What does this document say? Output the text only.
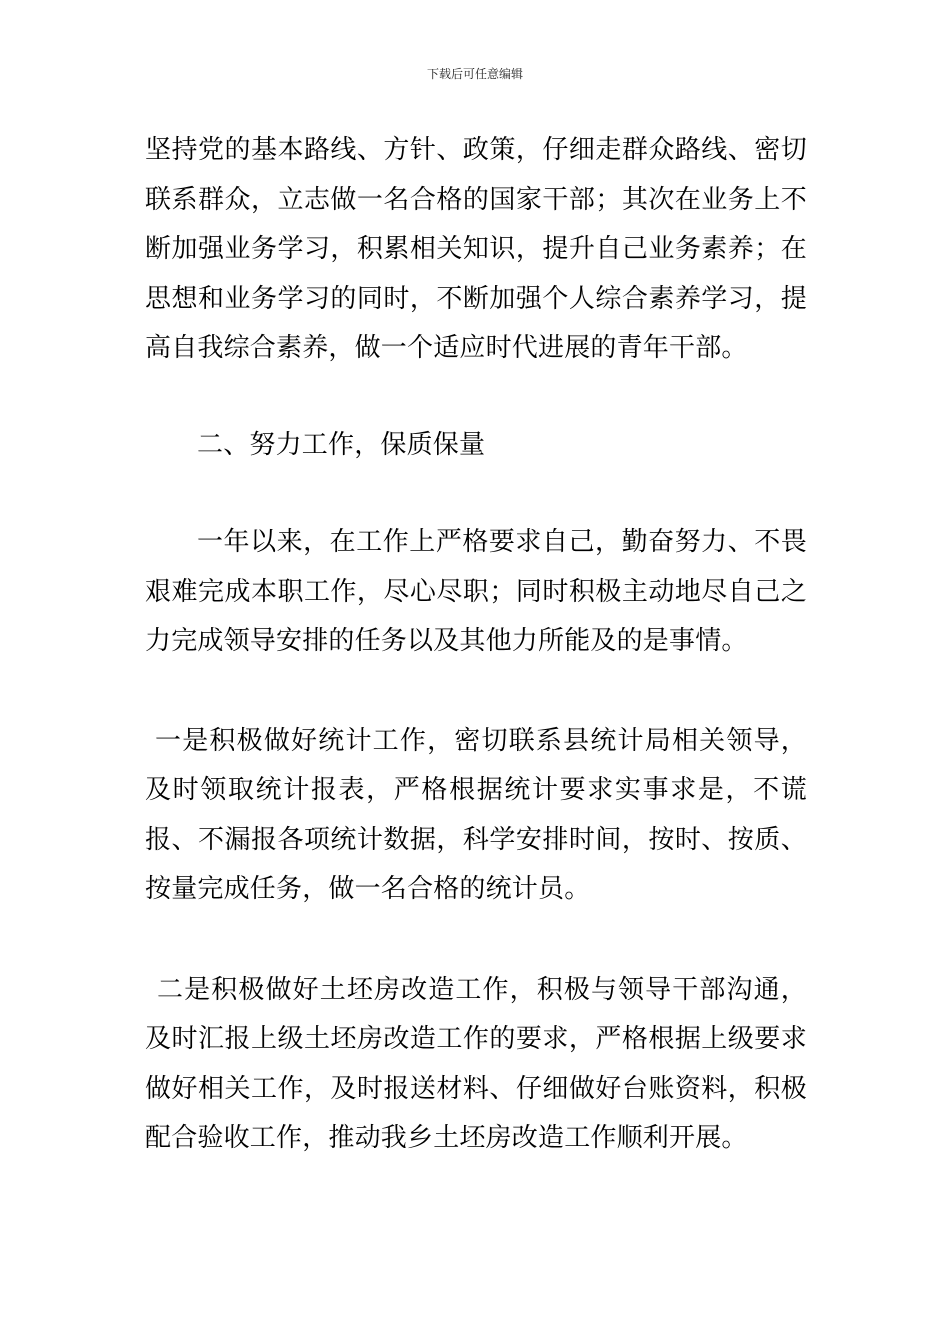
下载后可任意编辑

坚持党的基本路线、方针、政策，仔细走群众路线、密切联系群众，立志做一名合格的国家干部；其次在业务上不断加强业务学习，积累相关知识，提升自己业务素养；在思想和业务学习的同时，不断加强个人综合素养学习，提高自我综合素养，做一个适应时代进展的青年干部。

二、努力工作，保质保量

一年以来，在工作上严格要求自己，勤奋努力、不畏艰难完成本职工作，尽心尽职；同时积极主动地尽自己之力完成领导安排的任务以及其他力所能及的是事情。

一是积极做好统计工作，密切联系县统计局相关领导，及时领取统计报表，严格根据统计要求实事求是，不谎报、不漏报各项统计数据，科学安排时间，按时、按质、按量完成任务，做一名合格的统计员。

二是积极做好土坯房改造工作，积极与领导干部沟通，及时汇报上级土坯房改造工作的要求，严格根据上级要求做好相关工作，及时报送材料、仔细做好台账资料，积极配合验收工作，推动我乡土坯房改造工作顺利开展。
